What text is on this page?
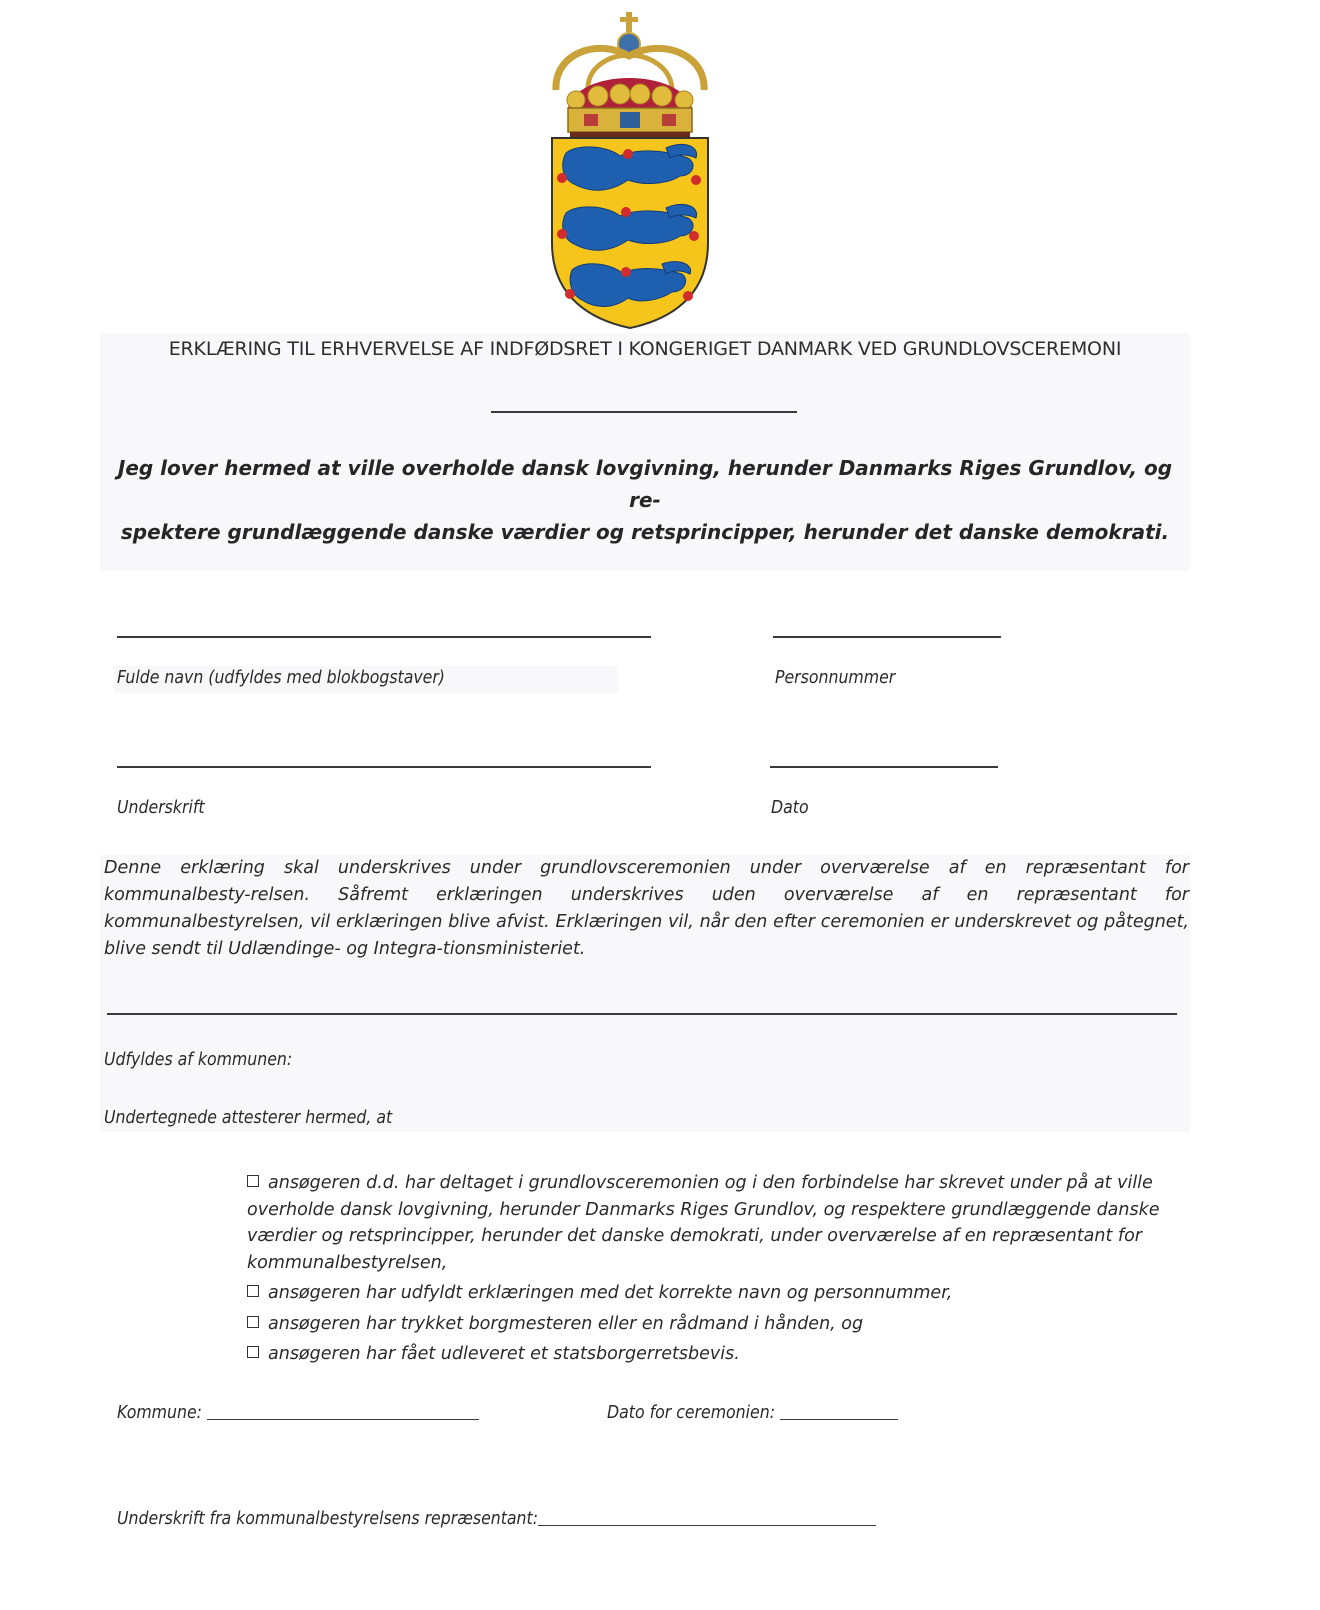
ERKLÆRING TIL ERHVERVELSE AF INDFØDSRET I KONGERIGET DANMARK VED GRUNDLOVSCEREMONI
Jeg lover hermed at ville overholde dansk lovgivning, herunder Danmarks Riges Grundlov, og re-
spektere grundlæggende danske værdier og retsprincipper, herunder det danske demokrati.
Fulde navn (udfyldes med blokbogstaver)	Personnummer
Underskrift	Dato
Denne erklæring skal underskrives under grundlovsceremonien under overværelse af en repræsentant for kommunalbesty-relsen. Såfremt erklæringen underskrives uden overværelse af en repræsentant for kommunalbestyrelsen, vil erklæringen blive afvist. Erklæringen vil, når den efter ceremonien er underskrevet og påtegnet, blive sendt til Udlændinge- og Integra-tionsministeriet.
Udfyldes af kommunen:
Undertegnede attesterer hermed, at
ansøgeren d.d. har deltaget i grundlovsceremonien og i den forbindelse har skrevet under på at ville overholde dansk lovgivning, herunder Danmarks Riges Grundlov, og respektere grundlæggende danske værdier og retsprincipper, herunder det danske demokrati, under overværelse af en repræsentant for kommunalbestyrelsen,
ansøgeren har udfyldt erklæringen med det korrekte navn og personnummer,
ansøgeren har trykket borgmesteren eller en rådmand i hånden, og
ansøgeren har fået udleveret et statsborgerretsbevis.
Kommune:	Dato for ceremonien:
Underskrift fra kommunalbestyrelsens repræsentant:
